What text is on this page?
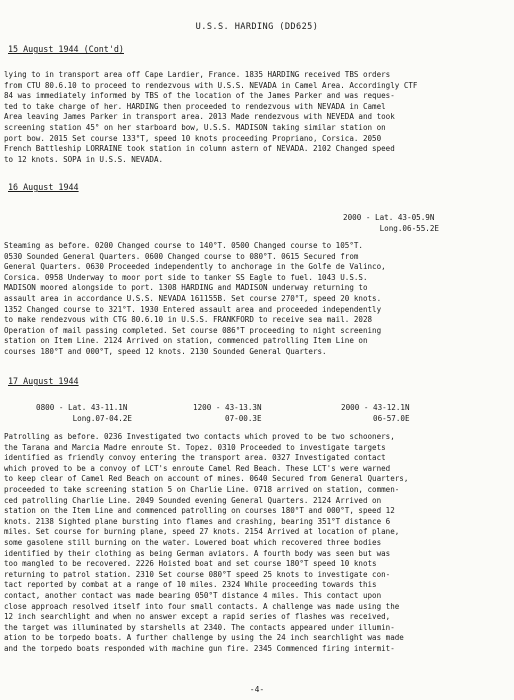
U.S.S. HARDING (DD625)
15 August 1944 (Cont'd)
lying to in transport area off Cape Lardier, France. 1835 HARDING received TBS orders
from CTU 80.6.10 to proceed to rendezvous with U.S.S. NEVADA in Camel Area. Accordingly CTF
84 was immediately informed by TBS of the location of the James Parker and was reques-
ted to take charge of her. HARDING then proceeded to rendezvous with NEVADA in Camel
Area leaving James Parker in transport area. 2013 Made rendezvous with NEVEDA and took
screening station 45° on her starboard bow, U.S.S. MADISON taking similar station on
port bow. 2015 Set course 133°T, speed 10 knots proceeding Propriano, Corsica. 2050
French Battleship LORRAINE took station in column astern of NEVADA. 2102 Changed speed
to 12 knots. SOPA in U.S.S. NEVADA.
16 August 1944
2000 - Lat. 43-05.9N
Long.06-55.2E
Steaming as before. 0200 Changed course to 140°T. 0500 Changed course to 105°T.
0530 Sounded General Quarters. 0600 Changed course to 080°T. 0615 Secured from
General Quarters. 0630 Proceeded independently to anchorage in the Golfe de Valinco,
Corsica. 0958 Underway to moor port side to tanker SS Eagle to fuel. 1043 U.S.S.
MADISON moored alongside to port. 1308 HARDING and MADISON underway returning to
assault area in accordance U.S.S. NEVADA 161155B. Set course 270°T, speed 20 knots.
1352 Changed course to 321°T. 1930 Entered assault area and proceeded independently
to make rendezvous with CTG 80.6.10 in U.S.S. FRANKFORD to receive sea mail. 2028
Operation of mail passing completed. Set course 086°T proceeding to night screening
station on Item Line. 2124 Arrived on station, commenced patrolling Item Line on
courses 180°T and 000°T, speed 12 knots. 2130 Sounded General Quarters.
17 August 1944
0800 - Lat. 43-11.1N
Long.07-04.2E
1200 - 43-13.3N
07-00.3E
2000 - 43-12.1N
06-57.0E
Patrolling as before. 0236 Investigated two contacts which proved to be two schooners,
the Tarana and Marcia Madre enroute St. Topez. 0310 Proceeded to investigate targets
identified as friendly convoy entering the transport area. 0327 Investigated contact
which proved to be a convoy of LCT's enroute Camel Red Beach. These LCT's were warned
to keep clear of Camel Red Beach on account of mines. 0640 Secured from General Quarters,
proceeded to take screening station 5 on Charlie Line. 0718 arrived on station, commen-
ced patrolling Charlie Line. 2049 Sounded evening General Quarters. 2124 Arrived on
station on the Item Line and commenced patrolling on courses 180°T and 000°T, speed 12
knots. 2138 Sighted plane bursting into flames and crashing, bearing 351°T distance 6
miles. Set course for burning plane, speed 27 knots. 2154 Arrived at location of plane,
some gasolene still burning on the water. Lowered boat which recovered three bodies
identified by their clothing as being German aviators. A fourth body was seen but was
too mangled to be recovered. 2226 Hoisted boat and set course 180°T speed 10 knots
returning to patrol station. 2310 Set course 080°T speed 25 knots to investigate con-
tact reported by combat at a range of 10 miles. 2324 While proceeding towards this
contact, another contact was made bearing 050°T distance 4 miles. This contact upon
close approach resolved itself into four small contacts. A challenge was made using the
12 inch searchlight and when no answer except a rapid series of flashes was received,
the target was illuminated by starshells at 2340. The contacts appeared under illumin-
ation to be torpedo boats. A further challenge by using the 24 inch searchlight was made
and the torpedo boats responded with machine gun fire. 2345 Commenced firing intermit-
-4-
